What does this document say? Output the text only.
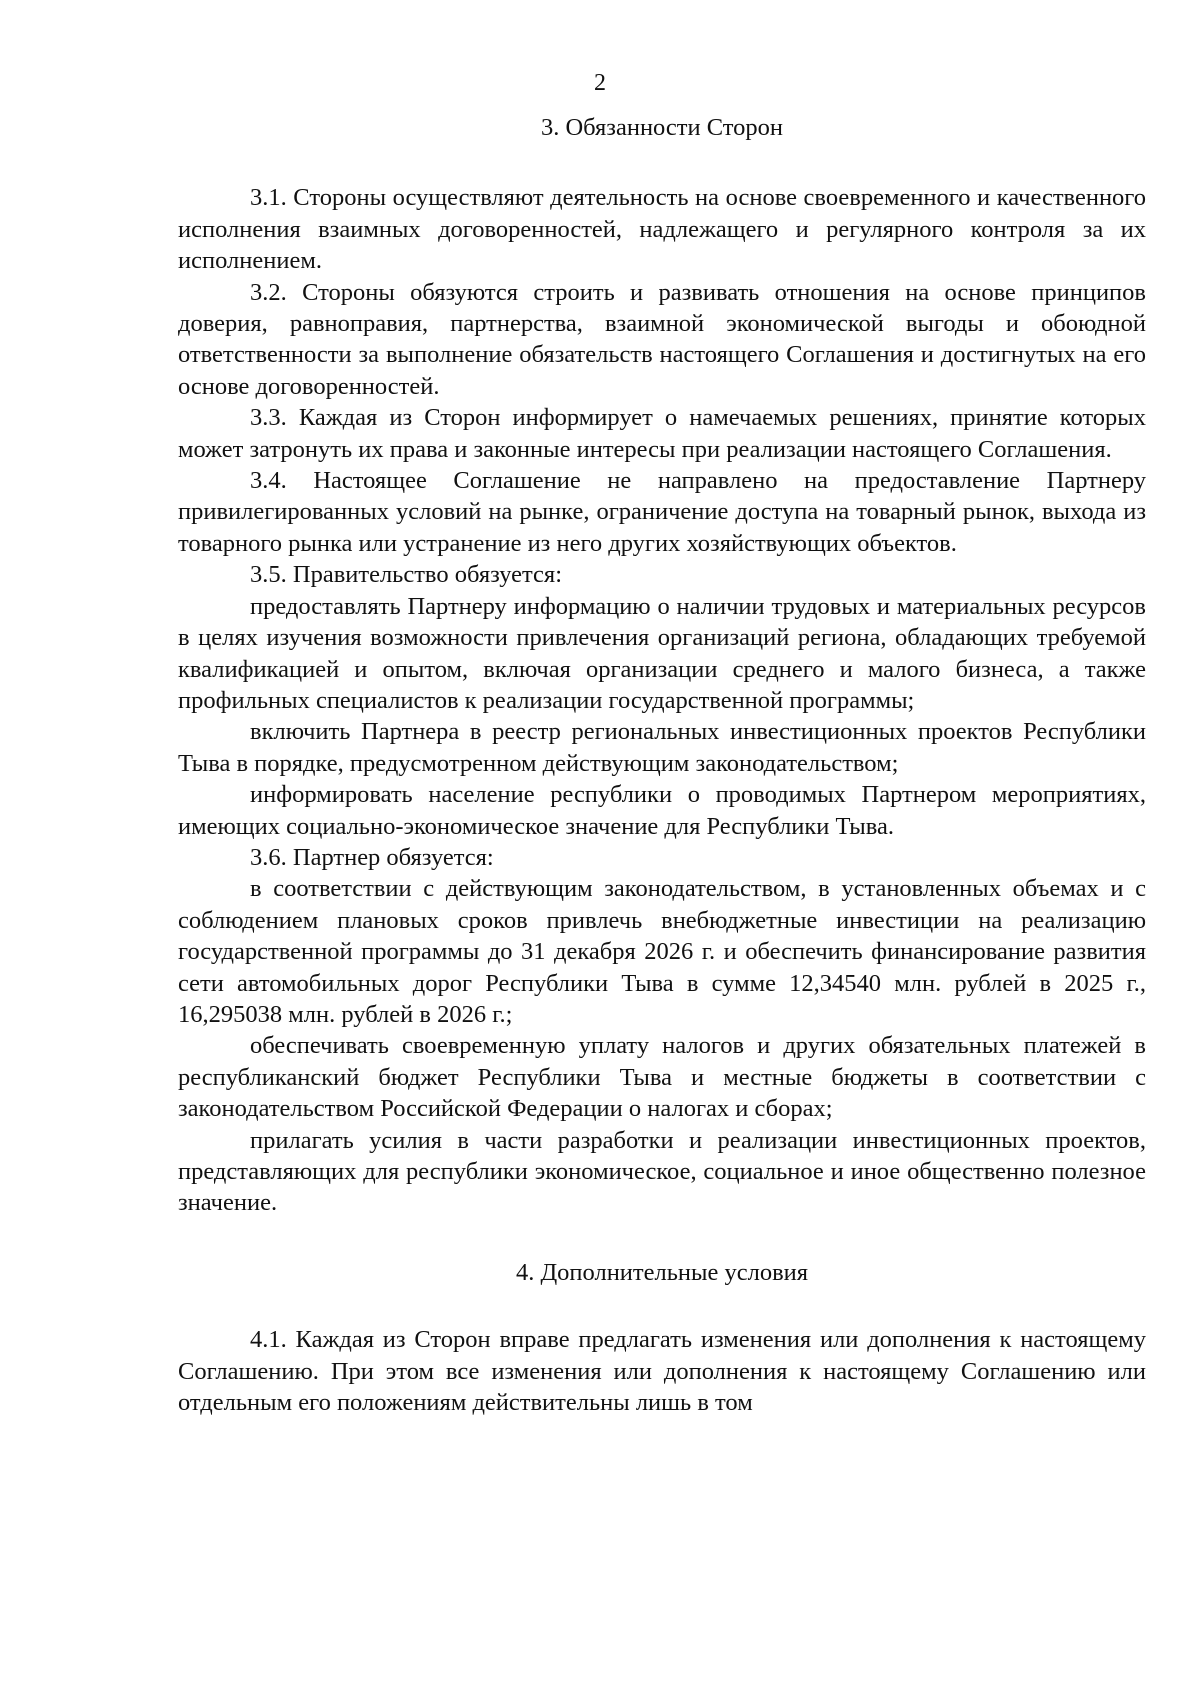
2
3. Обязанности Сторон

3.1. Стороны осуществляют деятельность на основе своевременного и качественного исполнения взаимных договоренностей, надлежащего и регулярного контроля за их исполнением.

3.2. Стороны обязуются строить и развивать отношения на основе принципов доверия, равноправия, партнерства, взаимной экономической выгоды и обоюдной ответственности за выполнение обязательств настоящего Соглашения и достигнутых на его основе договоренностей.

3.3. Каждая из Сторон информирует о намечаемых решениях, принятие которых может затронуть их права и законные интересы при реализации настоящего Соглашения.

3.4. Настоящее Соглашение не направлено на предоставление Партнеру привилегированных условий на рынке, ограничение доступа на товарный рынок, выхода из товарного рынка или устранение из него других хозяйствующих объектов.

3.5. Правительство обязуется:

предоставлять Партнеру информацию о наличии трудовых и материальных ресурсов в целях изучения возможности привлечения организаций региона, обладающих требуемой квалификацией и опытом, включая организации среднего и малого бизнеса, а также профильных специалистов к реализации государственной программы;

включить Партнера в реестр региональных инвестиционных проектов Республики Тыва в порядке, предусмотренном действующим законодательством;

информировать население республики о проводимых Партнером мероприятиях, имеющих социально-экономическое значение для Республики Тыва.

3.6. Партнер обязуется:

в соответствии с действующим законодательством, в установленных объемах и с соблюдением плановых сроков привлечь внебюджетные инвестиции на реализацию государственной программы до 31 декабря 2026 г. и обеспечить финансирование развития сети автомобильных дорог Республики Тыва в сумме 12,34540 млн. рублей в 2025 г., 16,295038 млн. рублей в 2026 г.;

обеспечивать своевременную уплату налогов и других обязательных платежей в республиканский бюджет Республики Тыва и местные бюджеты в соответствии с законодательством Российской Федерации о налогах и сборах;

прилагать усилия в части разработки и реализации инвестиционных проектов, представляющих для республики экономическое, социальное и иное общественно полезное значение.

4. Дополнительные условия

4.1. Каждая из Сторон вправе предлагать изменения или дополнения к настоящему Соглашению. При этом все изменения или дополнения к настоящему Соглашению или отдельным его положениям действительны лишь в том
